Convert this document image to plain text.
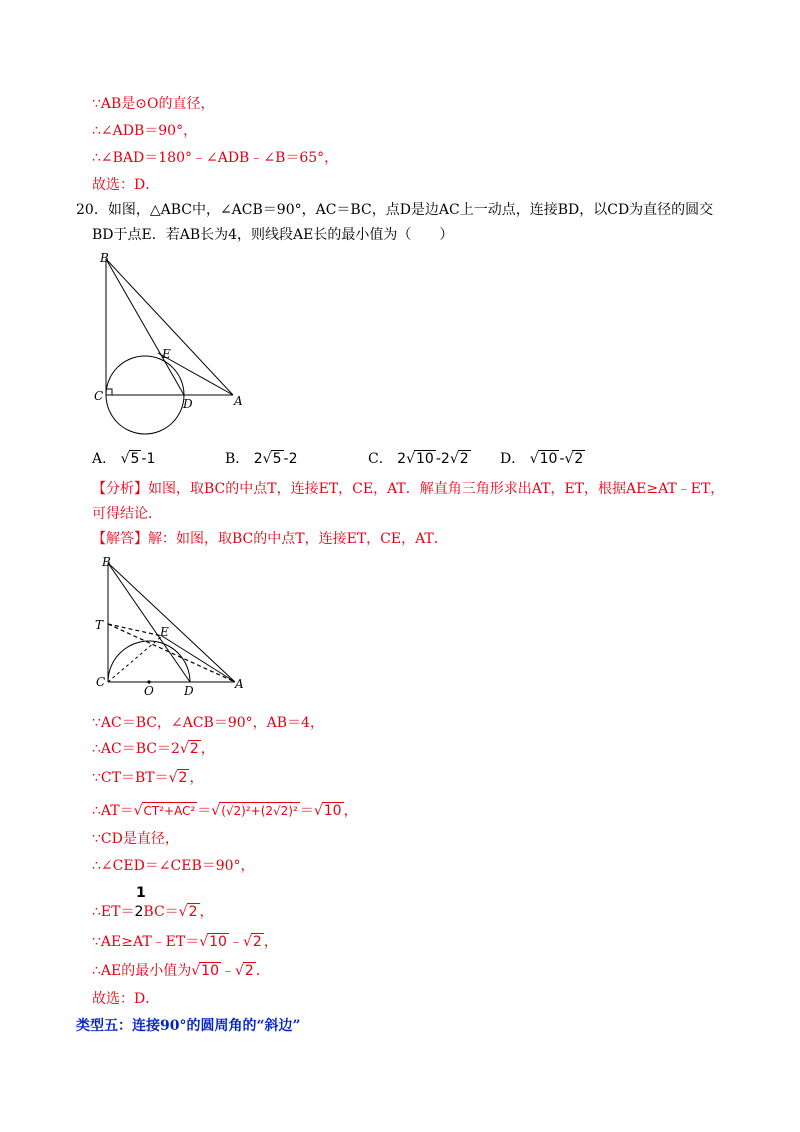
∵AB是⊙O的直径，
∴∠ADB＝90°，
∴∠BAD＝180°﹣∠ADB﹣∠B＝65°，
故选：D．
20．如图，△ABC中，∠ACB＝90°，AC＝BC，点D是边AC上一动点，连接BD，以CD为直径的圆交
BD于点E．若AB长为4，则线段AE长的最小值为（　　）
B
C
D
E
A
A． √5 -1	B． 2√5 -2	C． 2√10 -2√2 D． √10 -√2
【分析】如图，取BC的中点T，连接ET，CE，AT．解直角三角形求出AT，ET，根据AE≥AT﹣ET，
可得结论．
【解答】解：如图，取BC的中点T，连接ET，CE，AT．
B
T	E
C
O	D	A
∵AC＝BC，∠ACB＝90°，AB＝4，
∴AC＝BC＝2√2 ，
∵CT＝BT＝√2 ，
∴AT＝√CT²+AC² ＝√(√2)²+(2√2)² ＝√10 ，
∵CD是直径，
∴∠CED＝∠CEB＝90°，
1
∴ET＝2BC＝√2 ，
∵AE≥AT﹣ET＝√10 ﹣√2 ，
∴AE的最小值为√10 ﹣√2 ．
故选：D．
类型五：连接90°的圆周角的“斜边”
